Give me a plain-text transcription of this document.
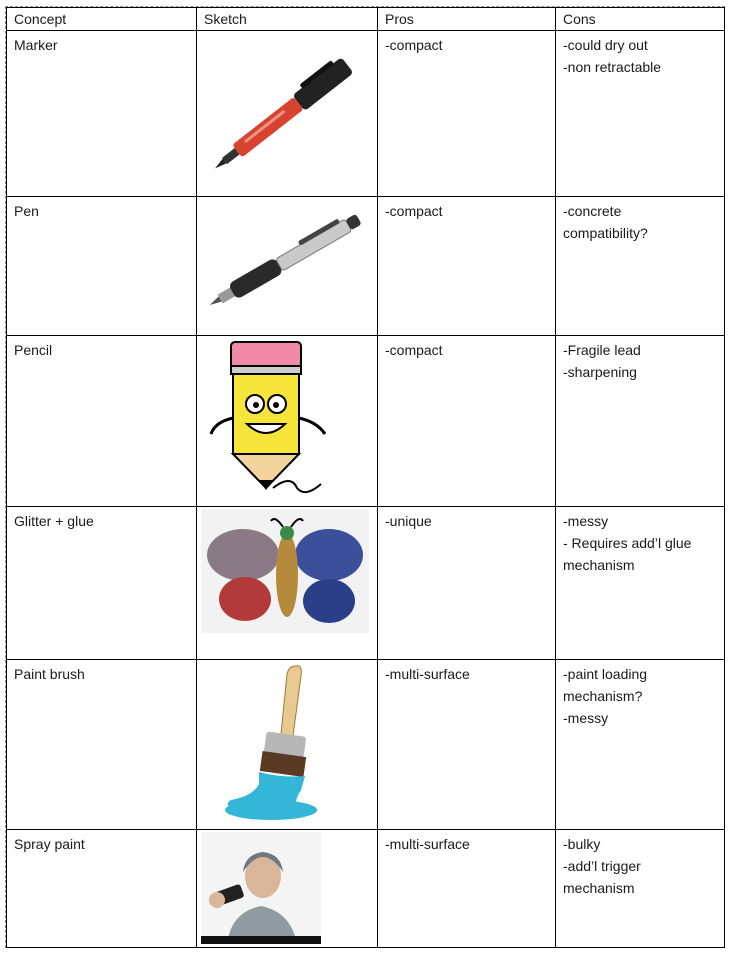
Concept	Sketch	Pros	Cons
Marker		-compact	-could dry out
-non retractable

Pen		-compact	-concrete
compatibility?

Pencil		-compact	-Fragile lead
-sharpening

Glitter + glue		-unique	-messy
- Requires add’l glue
mechanism

Paint brush		-multi-surface	-paint loading
mechanism?
-messy

Spray paint		-multi-surface	-bulky
-add’l trigger
mechanism
